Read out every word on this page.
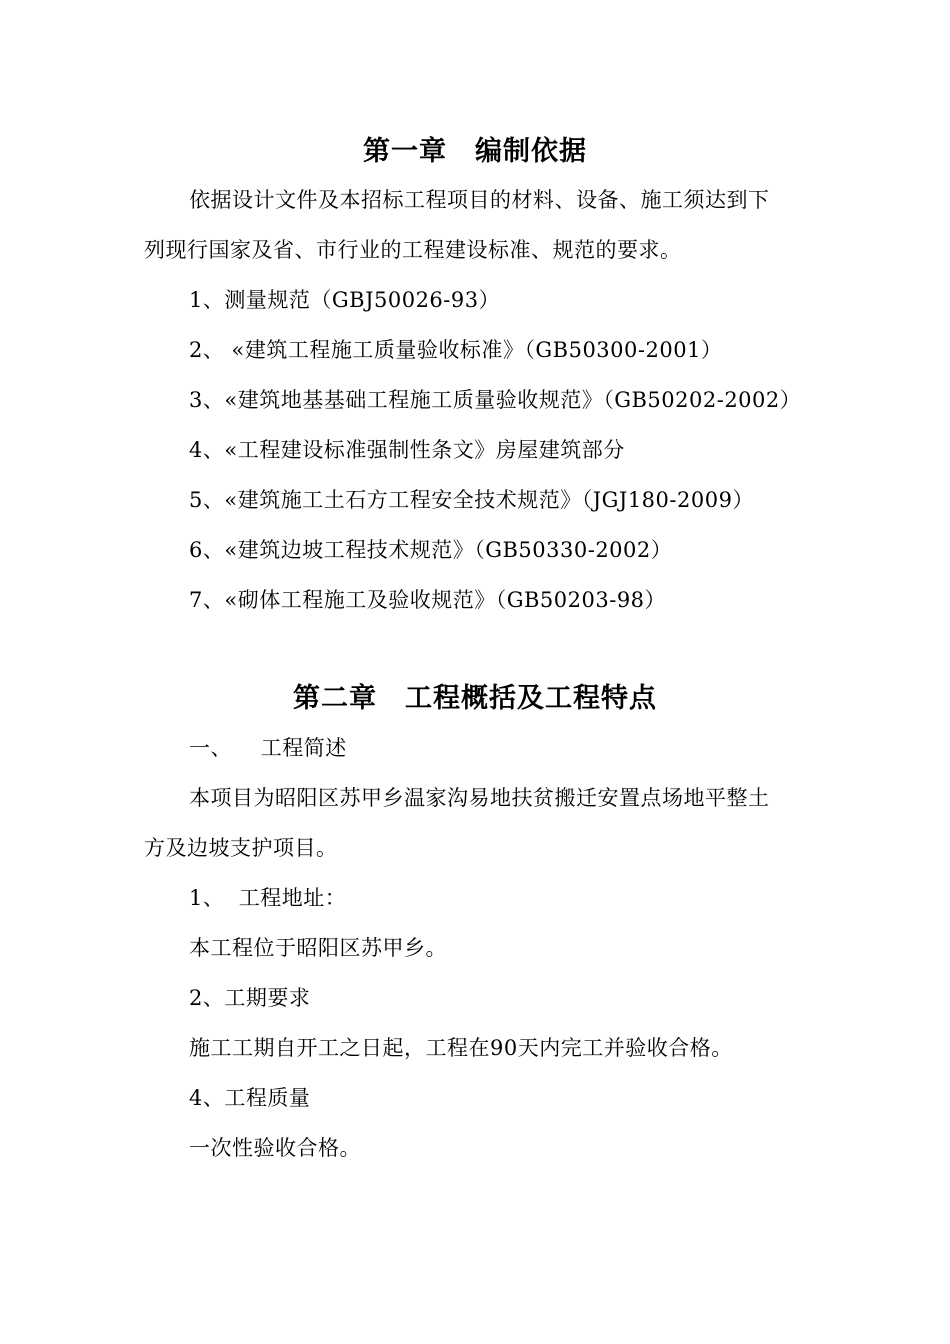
第一章　编制依据
依据设计文件及本招标工程项目的材料、设备、施工须达到下
列现行国家及省、市行业的工程建设标准、规范的要求。
1、测量规范（GBJ50026-93）
2、 «建筑工程施工质量验收标准》（GB50300-2001）
3、«建筑地基基础工程施工质量验收规范》（GB50202-2002）
4、«工程建设标准强制性条文》房屋建筑部分
5、«建筑施工土石方工程安全技术规范》（JGJ180-2009）
6、«建筑边坡工程技术规范》（GB50330-2002）
7、«砌体工程施工及验收规范》（GB50203-98）
第二章　工程概括及工程特点
一、    工程简述
本项目为昭阳区苏甲乡温家沟易地扶贫搬迁安置点场地平整土
方及边坡支护项目。
1、  工程地址：
本工程位于昭阳区苏甲乡。
2、工期要求
施工工期自开工之日起，工程在90天内完工并验收合格。
4、工程质量
一次性验收合格。
